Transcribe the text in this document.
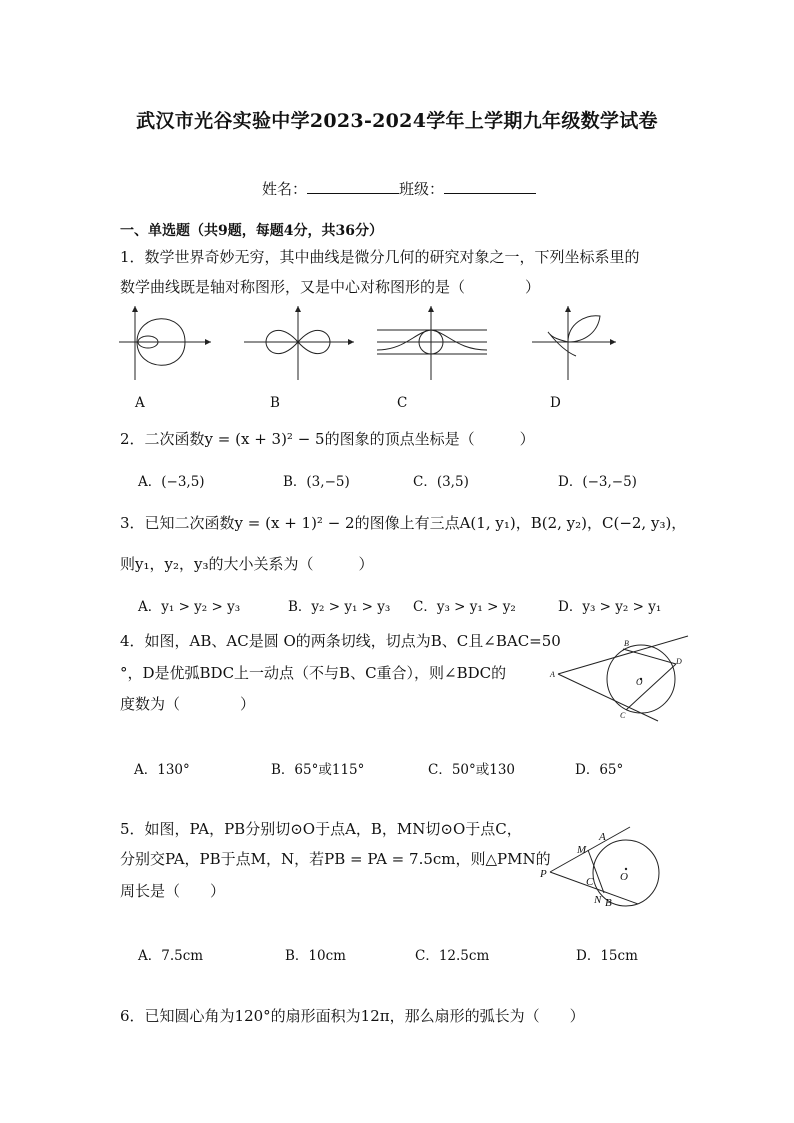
武汉市光谷实验中学2023-2024学年上学期九年级数学试卷
姓名：	班级：
一、单选题（共9题，每题4分，共36分）
1．数学世界奇妙无穷，其中曲线是微分几何的研究对象之一，下列坐标系里的
数学曲线既是轴对称图形，又是中心对称图形的是（　　　　）
A	B	C	D
2．二次函数y = (x + 3)² − 5的图象的顶点坐标是（　　　）
A．(−3,5)	B．(3,−5)	C．(3,5)	D．(−3,−5)
3．已知二次函数y = (x + 1)² − 2的图像上有三点A(1, y₁)，B(2, y₂)，C(−2, y₃)，
则y₁，y₂，y₃的大小关系为（　　　）
A．y₁ > y₂ > y₃	B．y₂ > y₁ > y₃ C．y₃ > y₁ > y₂	D．y₃ > y₂ > y₁
4．如图，AB、AC是圆 O的两条切线，切点为B、C且∠BAC=50
°，D是优弧BDC上一动点（不与B、C重合），则∠BDC的
度数为（　　　　）
A
B
C
D
O
A．130°	B．65°或115°	C．50°或130	D．65°
5．如图，PA，PB分别切⊙O于点A，B，MN切⊙O于点C，
分别交PA，PB于点M，N，若PB = PA = 7.5cm，则△PMN的
周长是（　　）
P
A
M
C
N B
O
A．7.5cm	B．10cm	C．12.5cm	D．15cm
6．已知圆心角为120°的扇形面积为12π，那么扇形的弧长为（　　）
